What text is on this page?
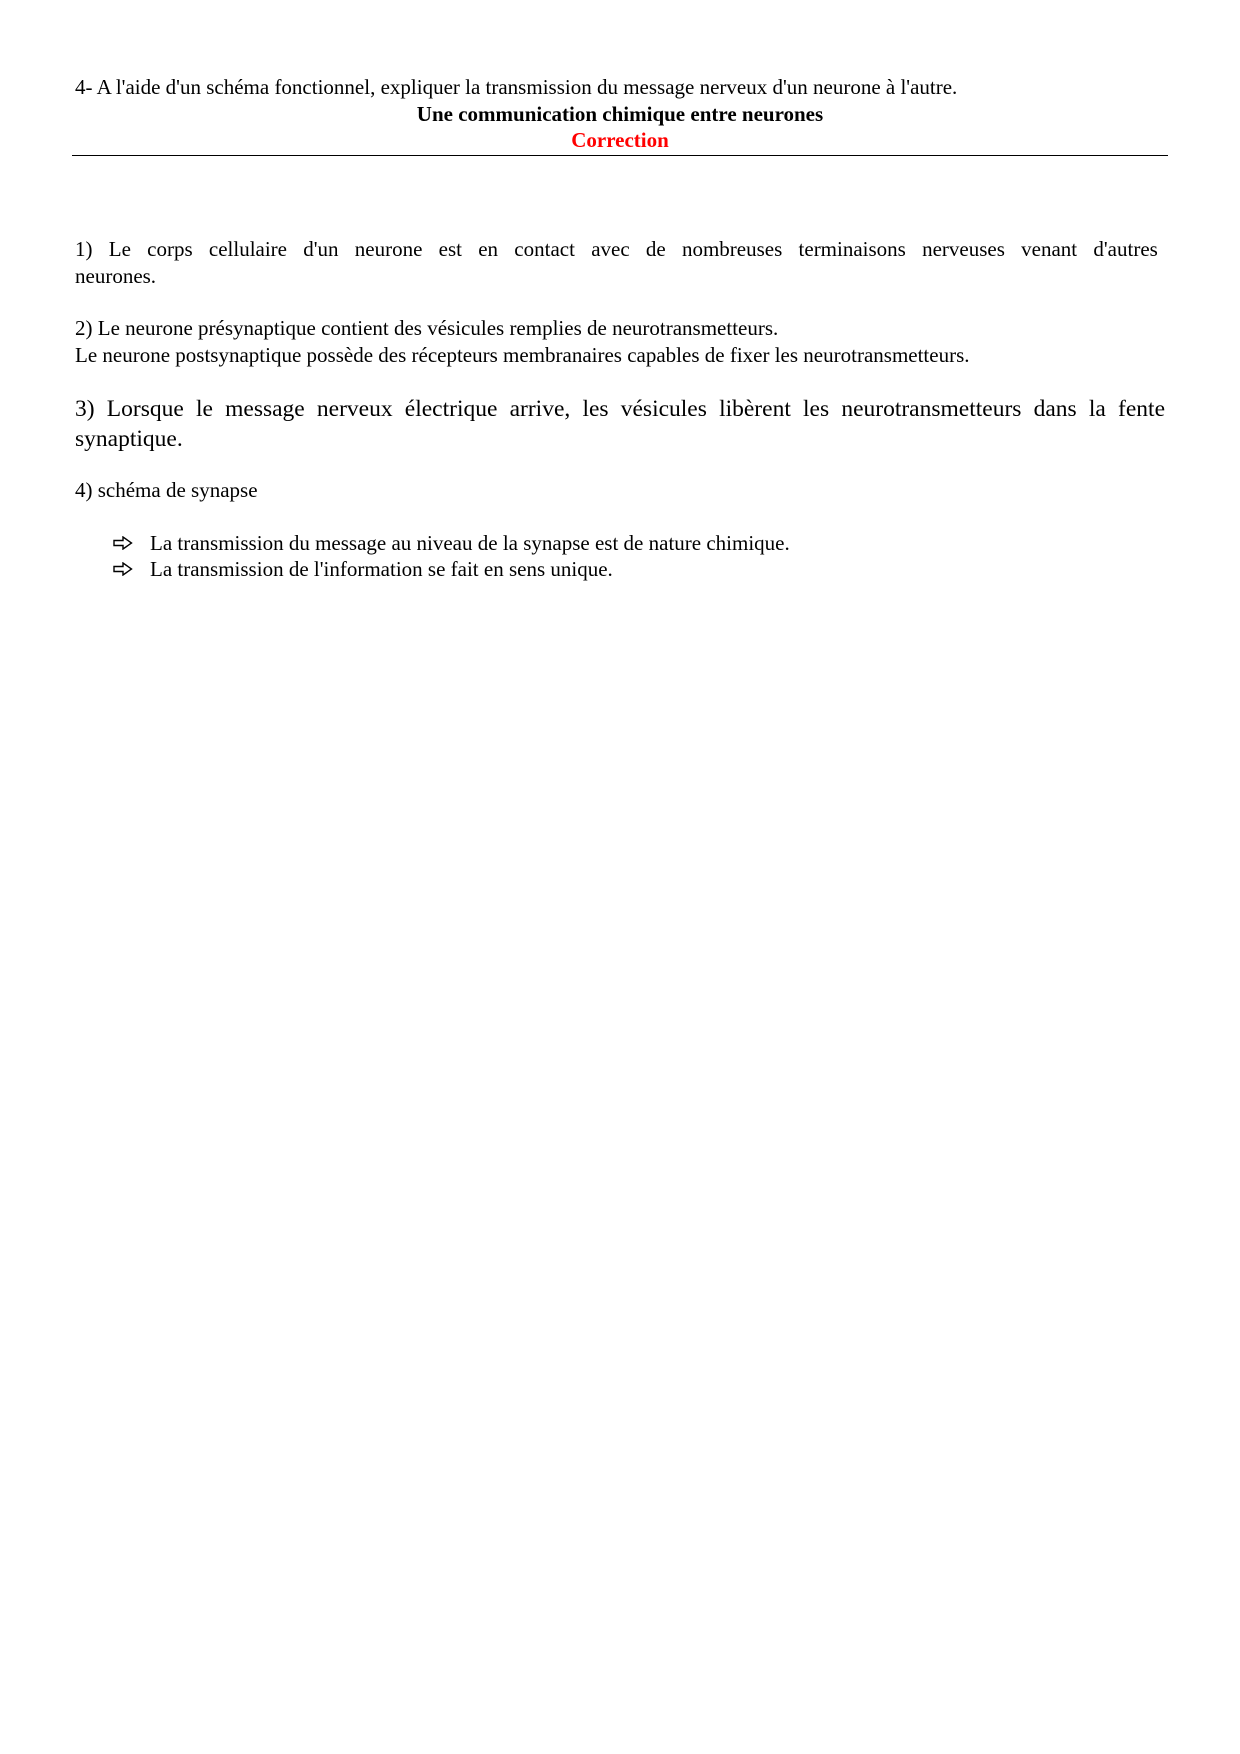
4- A l'aide d'un schéma fonctionnel, expliquer la transmission du message nerveux d'un neurone à l'autre.
Une communication chimique entre neurones
Correction
1) Le corps cellulaire d'un neurone est en contact avec de nombreuses terminaisons nerveuses venant d'autres
neurones.
2) Le neurone présynaptique contient des vésicules remplies de neurotransmetteurs.
Le neurone postsynaptique possède des récepteurs membranaires capables de fixer les neurotransmetteurs.
3) Lorsque le message nerveux électrique arrive, les vésicules libèrent les neurotransmetteurs dans la fente
synaptique.
4) schéma de synapse
La transmission du message au niveau de la synapse est de nature chimique.
La transmission de l'information se fait en sens unique.
